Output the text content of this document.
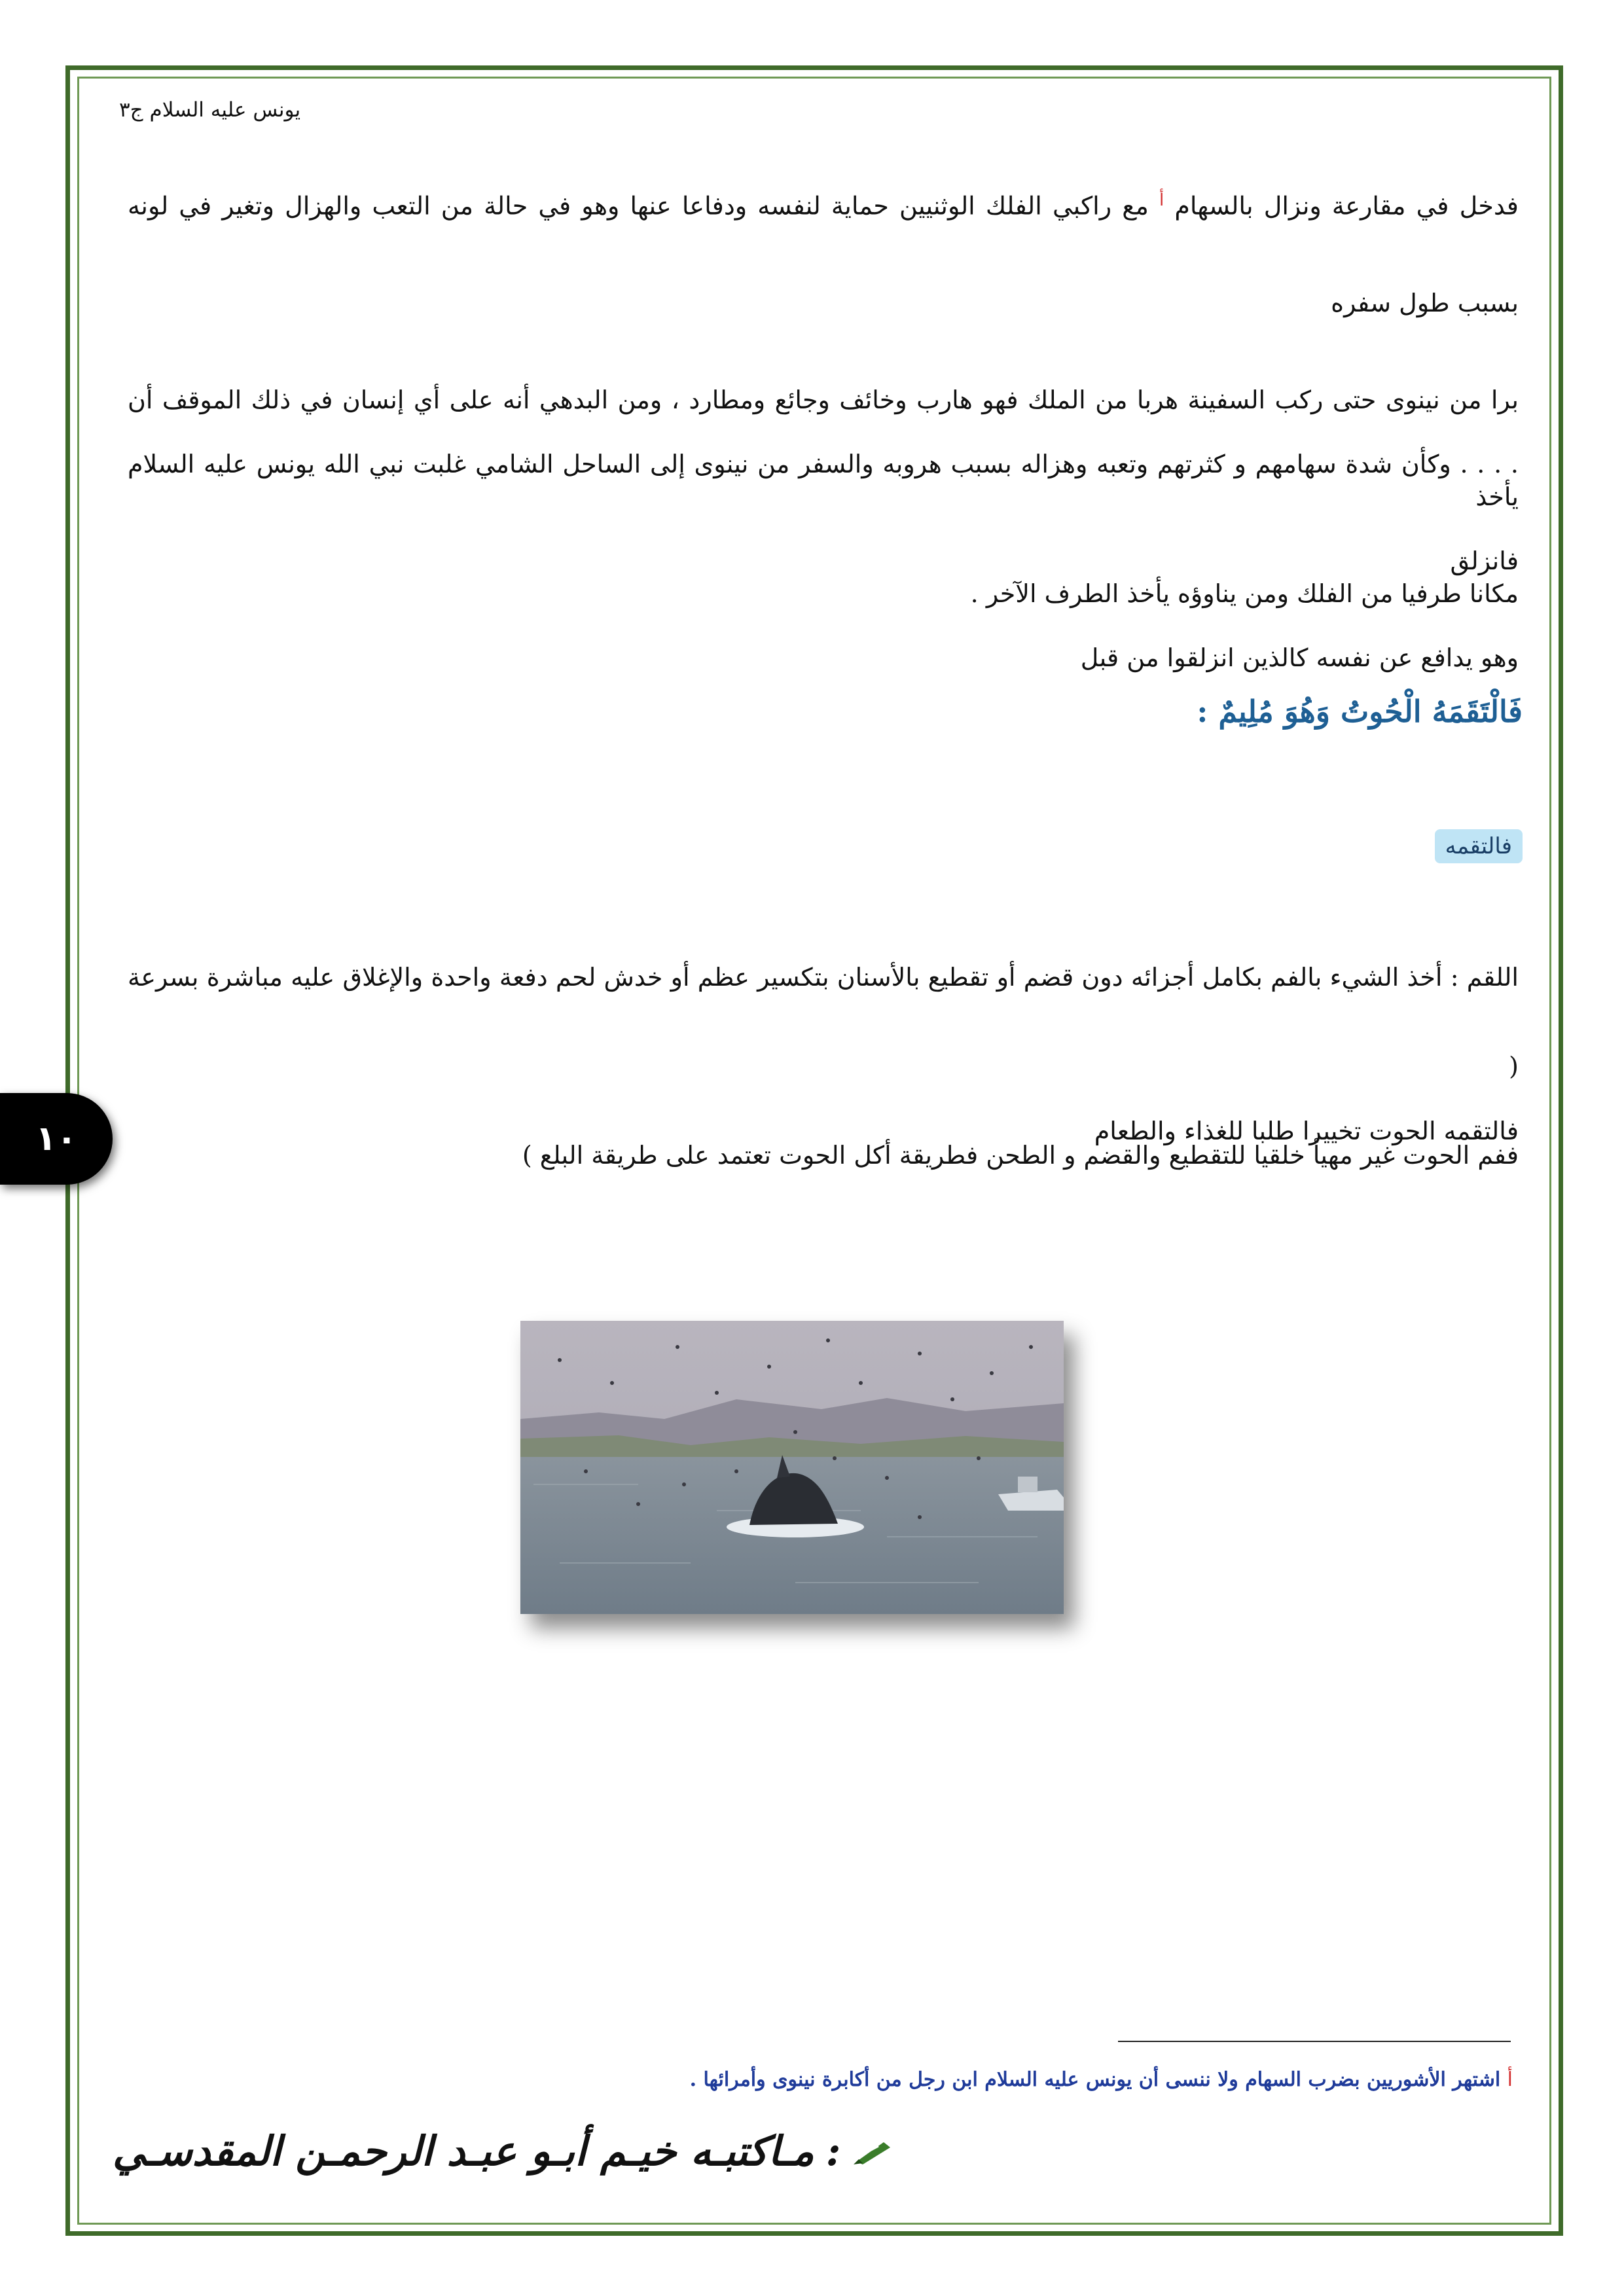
يونس عليه السلام ج٣

فدخل في مقارعة ونزال بالسهام $^أ$ مع راكبي الفلك الوثنيين حماية لنفسه ودفاعا عنها وهو في حالة من التعب والهزال وتغير في لونه بسبب طول سفره

برا من نينوى حتى ركب السفينة هربا من الملك فهو هارب وخائف وجائع ومطارد ، ومن البدهي أنه على أي إنسان في ذلك الموقف أن يأخذ

مكانا طرفيا من الفلك ومن يناوؤه يأخذ الطرف الآخر .

. . . . وكأن شدة سهامهم و كثرتهم وتعبه وهزاله بسبب هروبه والسفر من نينوى إلى الساحل الشامي غلبت نبي الله يونس عليه السلام فانزلق

وهو يدافع عن نفسه كالذين انزلقوا من قبل

فَالْتَقَمَهُ الْحُوتُ وَهُوَ مُلِيمٌ :
فالتقمه

اللقم : أخذ الشيء بالفم بكامل أجزائه دون قضم أو تقطيع بالأسنان بتكسير عظم أو خدش لحم دفعة واحدة والإغلاق عليه مباشرة بسرعة (

ففم الحوت غير مهيأ خلقيا للتقطيع والقضم و الطحن فطريقة أكل الحوت تعتمد على طريقة البلع )

فالتقمه الحوت تخييرا طلبا للغذاء والطعام

١٠
أ اشتهر الأشوريين بضرب السهام ولا ننسى أن يونس عليه السلام ابن رجل من أكابرة نينوى وأمرائها .
:
مـاكتبـه خيـم أبـو عبـد الرحمـن المقدسـي
